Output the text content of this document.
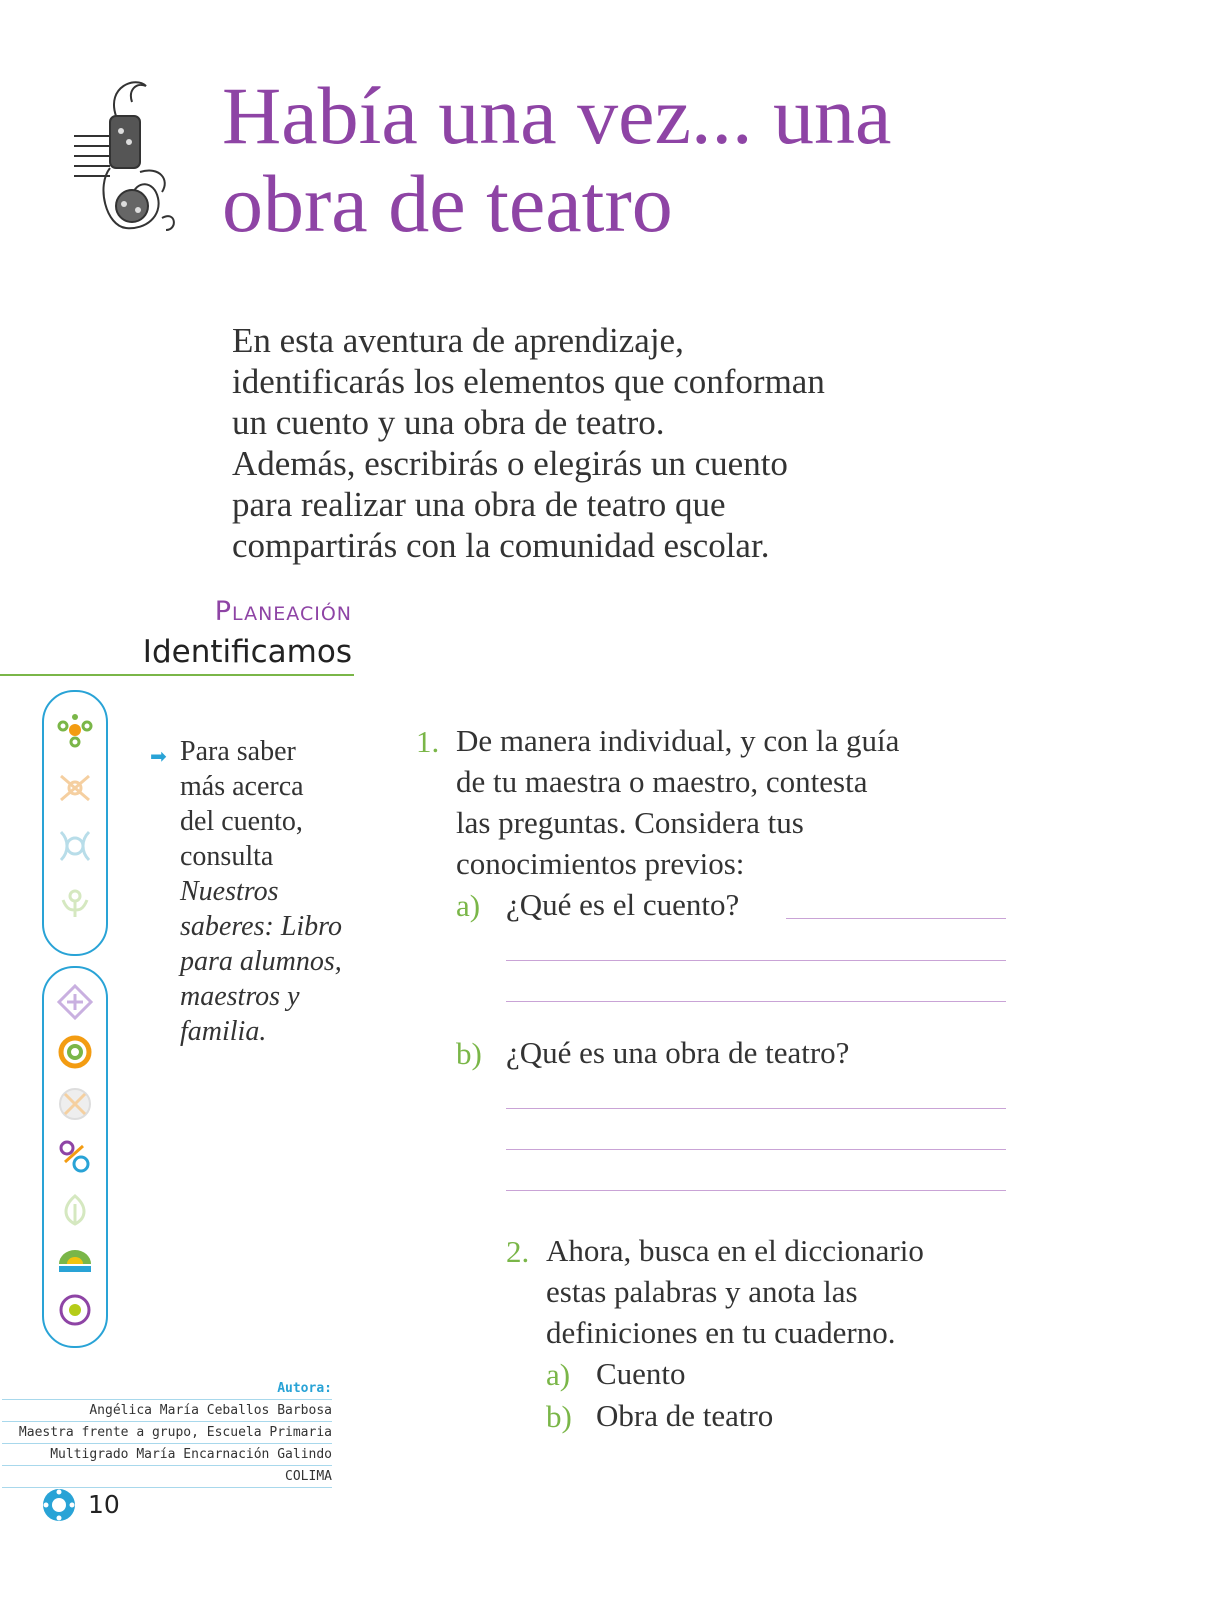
Había una vez... una
obra de teatro

En esta aventura de aprendizaje,

identificarás los elementos que conforman

un cuento y una obra de teatro.

Además, escribirás o elegirás un cuento

para realizar una obra de teatro que

compartirás con la comunidad escolar.

Planeación
Identificamos
➡ Para saber
más acerca
del cuento,
consulta
Nuestros
saberes: Libro
para alumnos,
maestros y
familia.
1. De manera individual, y con la guía
de tu maestra o maestro, contesta
las preguntas. Considera tus
conocimientos previos:
a) ¿Qué es el cuento?
b) ¿Qué es una obra de teatro?
2. Ahora, busca en el diccionario
estas palabras y anota las
definiciones en tu cuaderno.
a) Cuento
b) Obra de teatro
Autora:
Angélica María Ceballos Barbosa
Maestra frente a grupo, Escuela Primaria
Multigrado María Encarnación Galindo
COLIMA
10
